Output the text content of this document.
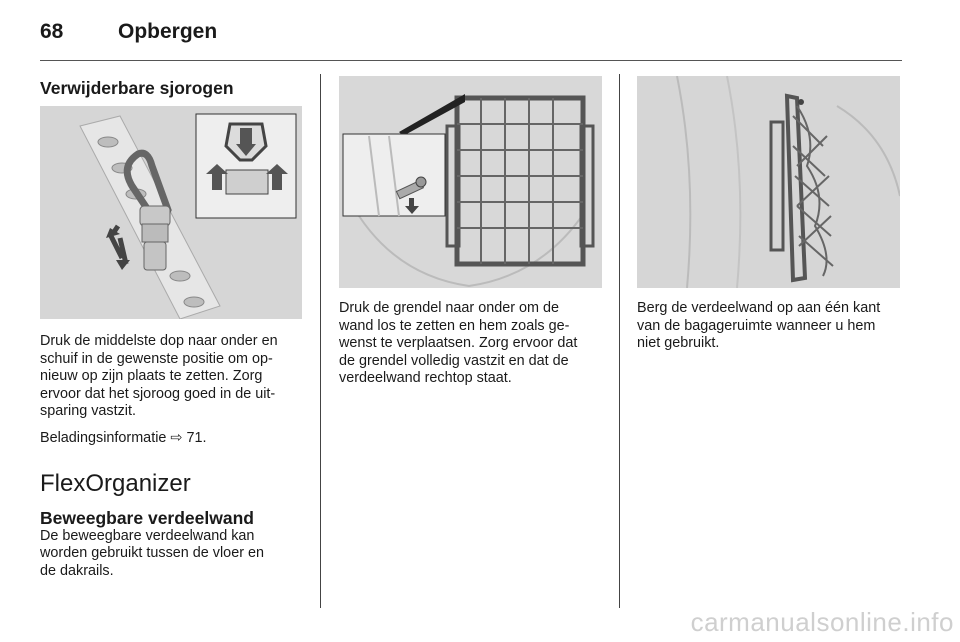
68	Opbergen
Verwijderbare sjorogen

Druk de middelste dop naar onder en

schuif in de gewenste positie om op-

nieuw op zijn plaats te zetten. Zorg

ervoor dat het sjoroog goed in de uit-

sparing vastzit.

Beladingsinformatie ⇨ 71.

FlexOrganizer
Beweegbare verdeelwand

De beweegbare verdeelwand kan

worden gebruikt tussen de vloer en

de dakrails.

Druk de grendel naar onder om de

wand los te zetten en hem zoals ge-

wenst te verplaatsen. Zorg ervoor dat

de grendel volledig vastzit en dat de

verdeelwand rechtop staat.

Berg de verdeelwand op aan één kant

van de bagageruimte wanneer u hem

niet gebruikt.

carmanualsonline.info
